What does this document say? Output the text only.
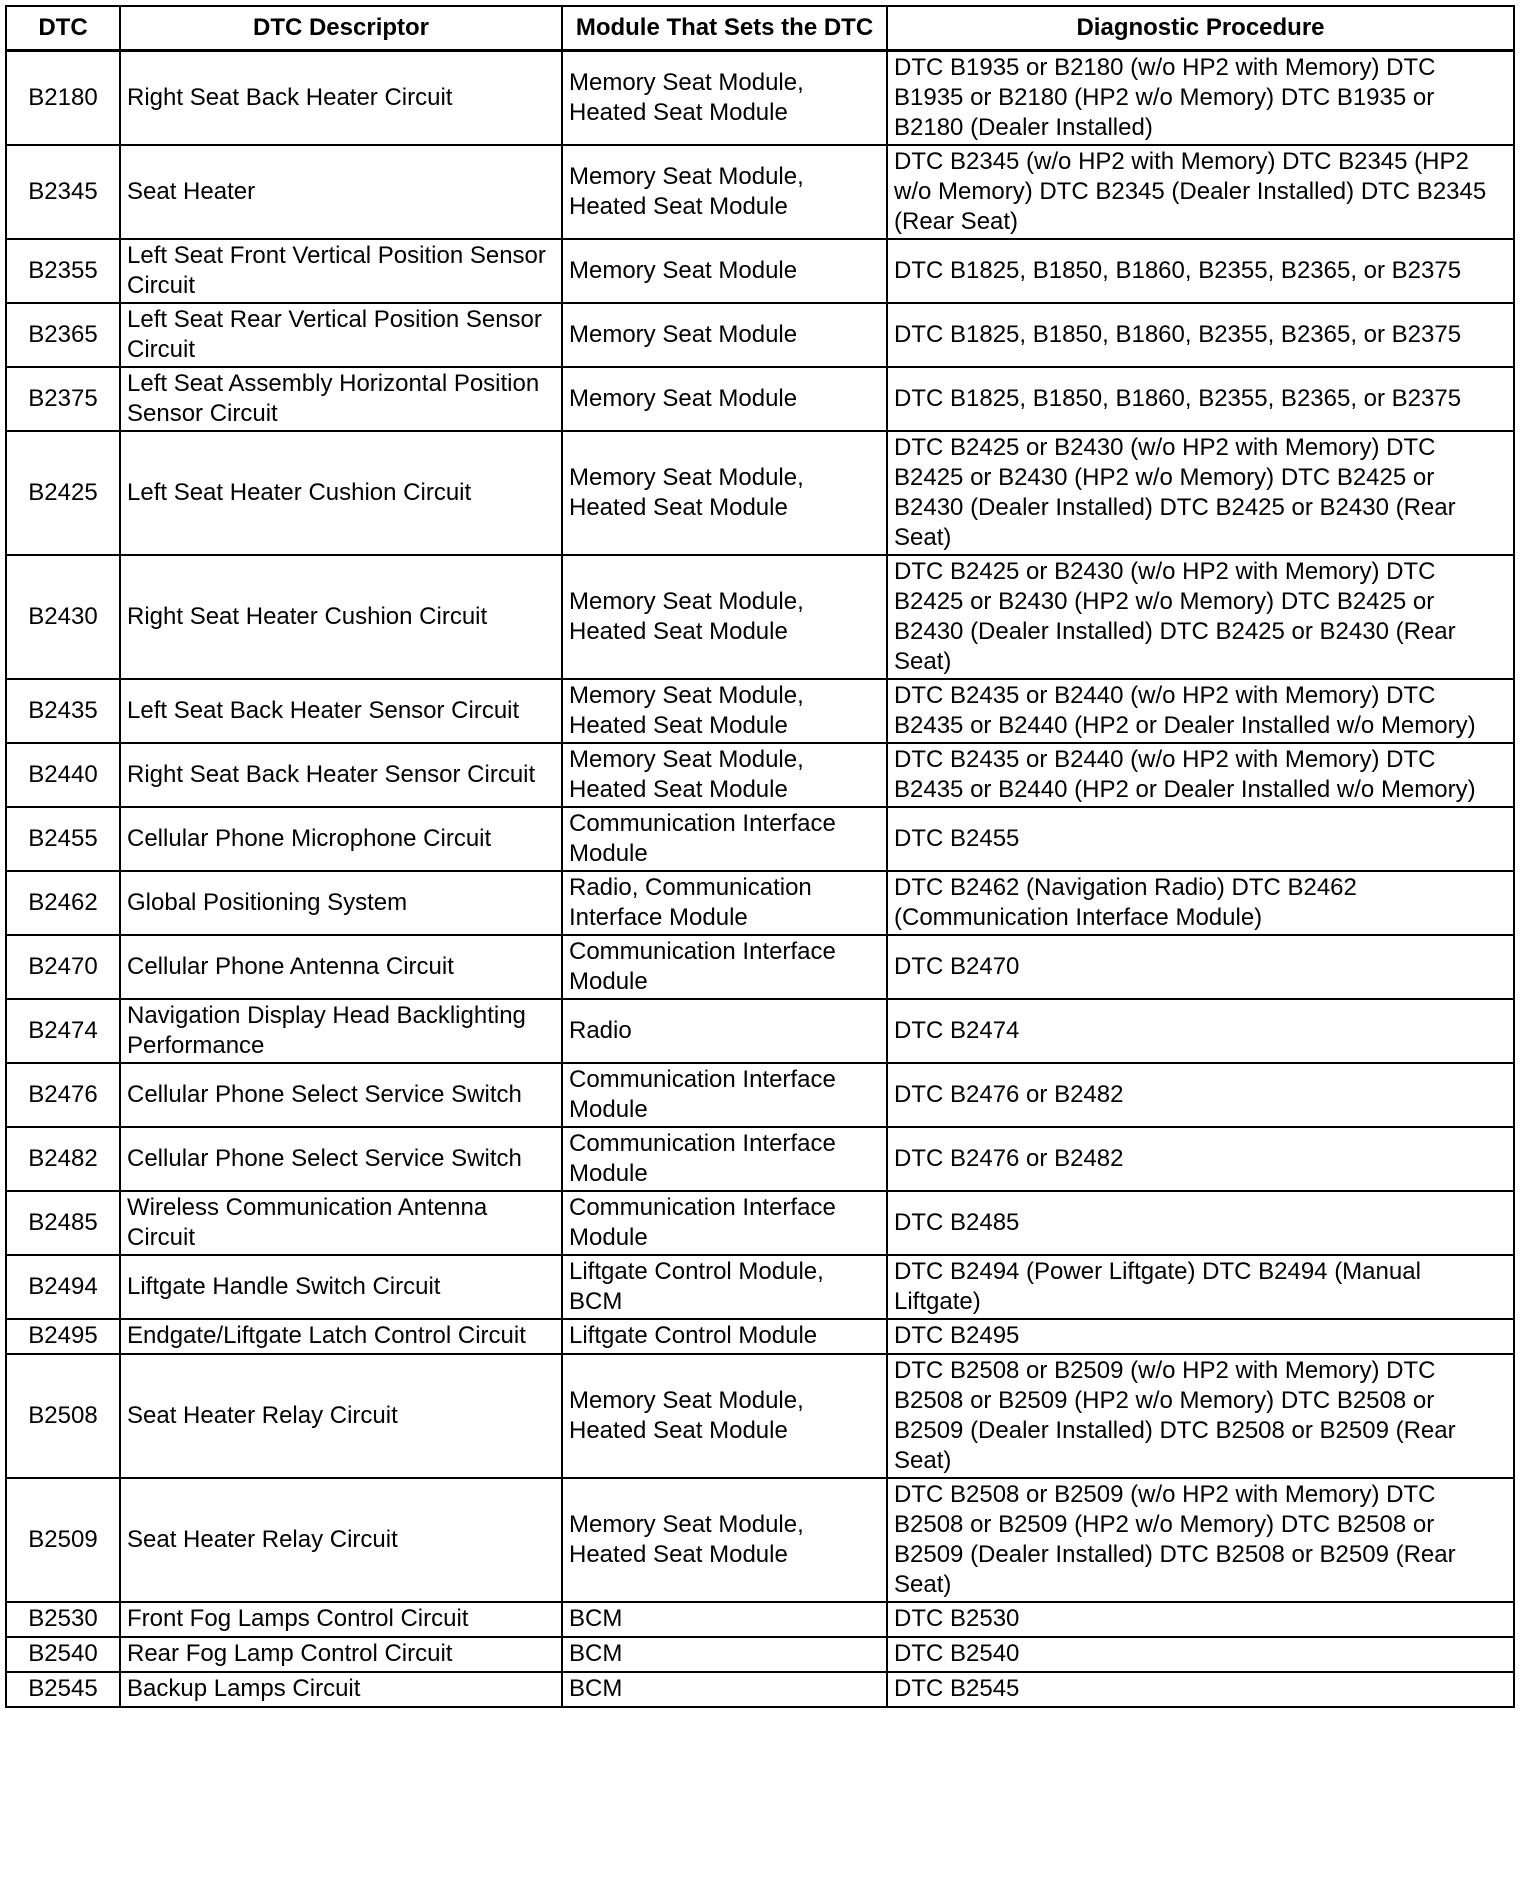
DTC	DTC Descriptor	Module That Sets the DTC	Diagnostic Procedure
B2180	Right Seat Back Heater Circuit	Memory Seat Module, Heated Seat Module	DTC B1935 or B2180 (w/o HP2 with Memory) DTC B1935 or B2180 (HP2 w/o Memory) DTC B1935 or B2180 (Dealer Installed)
B2345	Seat Heater	Memory Seat Module, Heated Seat Module	DTC B2345 (w/o HP2 with Memory) DTC B2345 (HP2 w/o Memory) DTC B2345 (Dealer Installed) DTC B2345 (Rear Seat)
B2355	Left Seat Front Vertical Position Sensor Circuit	Memory Seat Module	DTC B1825, B1850, B1860, B2355, B2365, or B2375
B2365	Left Seat Rear Vertical Position Sensor Circuit	Memory Seat Module	DTC B1825, B1850, B1860, B2355, B2365, or B2375
B2375	Left Seat Assembly Horizontal Position Sensor Circuit	Memory Seat Module	DTC B1825, B1850, B1860, B2355, B2365, or B2375
B2425	Left Seat Heater Cushion Circuit	Memory Seat Module, Heated Seat Module	DTC B2425 or B2430 (w/o HP2 with Memory) DTC B2425 or B2430 (HP2 w/o Memory) DTC B2425 or B2430 (Dealer Installed) DTC B2425 or B2430 (Rear Seat)
B2430	Right Seat Heater Cushion Circuit	Memory Seat Module, Heated Seat Module	DTC B2425 or B2430 (w/o HP2 with Memory) DTC B2425 or B2430 (HP2 w/o Memory) DTC B2425 or B2430 (Dealer Installed) DTC B2425 or B2430 (Rear Seat)
B2435	Left Seat Back Heater Sensor Circuit	Memory Seat Module, Heated Seat Module	DTC B2435 or B2440 (w/o HP2 with Memory) DTC B2435 or B2440 (HP2 or Dealer Installed w/o Memory)
B2440	Right Seat Back Heater Sensor Circuit	Memory Seat Module, Heated Seat Module	DTC B2435 or B2440 (w/o HP2 with Memory) DTC B2435 or B2440 (HP2 or Dealer Installed w/o Memory)
B2455	Cellular Phone Microphone Circuit	Communication Interface Module	DTC B2455
B2462	Global Positioning System	Radio, Communication Interface Module	DTC B2462 (Navigation Radio) DTC B2462 (Communication Interface Module)
B2470	Cellular Phone Antenna Circuit	Communication Interface Module	DTC B2470
B2474	Navigation Display Head Backlighting Performance	Radio	DTC B2474
B2476	Cellular Phone Select Service Switch	Communication Interface Module	DTC B2476 or B2482
B2482	Cellular Phone Select Service Switch	Communication Interface Module	DTC B2476 or B2482
B2485	Wireless Communication Antenna Circuit	Communication Interface Module	DTC B2485
B2494	Liftgate Handle Switch Circuit	Liftgate Control Module, BCM	DTC B2494 (Power Liftgate) DTC B2494 (Manual Liftgate)
B2495	Endgate/Liftgate Latch Control Circuit	Liftgate Control Module	DTC B2495
B2508	Seat Heater Relay Circuit	Memory Seat Module, Heated Seat Module	DTC B2508 or B2509 (w/o HP2 with Memory) DTC B2508 or B2509 (HP2 w/o Memory) DTC B2508 or B2509 (Dealer Installed) DTC B2508 or B2509 (Rear Seat)
B2509	Seat Heater Relay Circuit	Memory Seat Module, Heated Seat Module	DTC B2508 or B2509 (w/o HP2 with Memory) DTC B2508 or B2509 (HP2 w/o Memory) DTC B2508 or B2509 (Dealer Installed) DTC B2508 or B2509 (Rear Seat)
B2530	Front Fog Lamps Control Circuit	BCM	DTC B2530
B2540	Rear Fog Lamp Control Circuit	BCM	DTC B2540
B2545	Backup Lamps Circuit	BCM	DTC B2545
